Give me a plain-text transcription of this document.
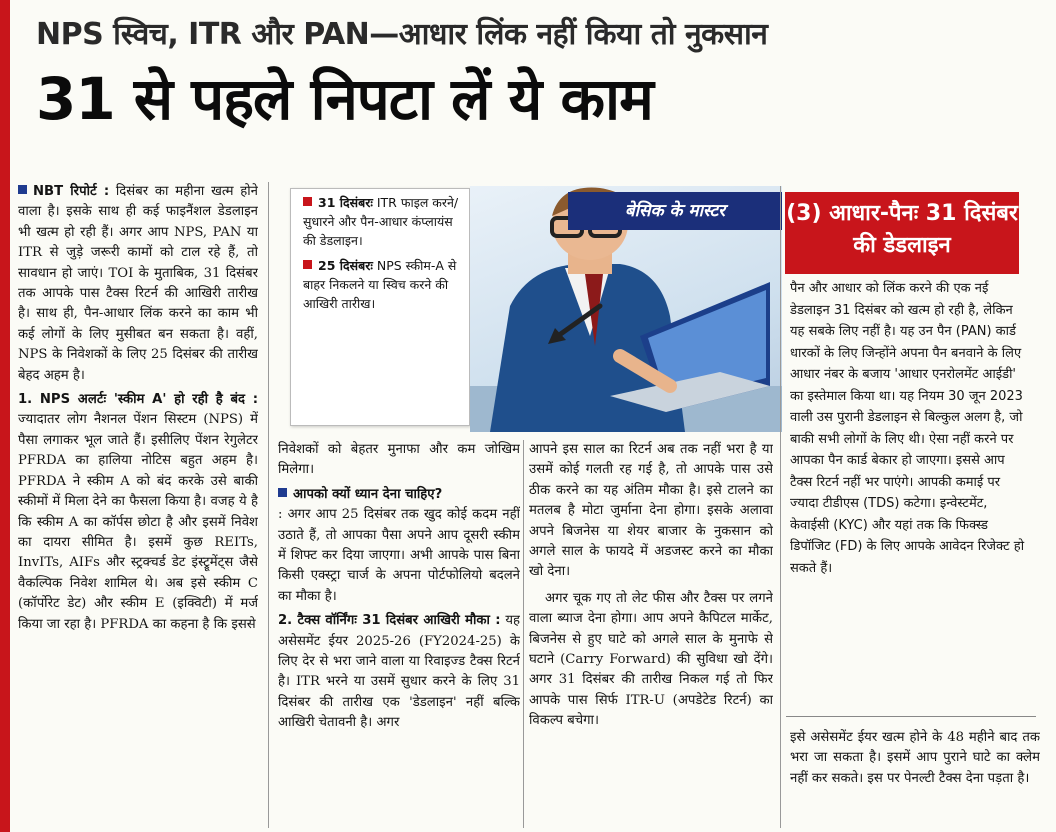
NPS स्विच, ITR और PAN—आधार लिंक नहीं किया तो नुकसान
31 से पहले निपटा लें ये काम

NBT रिपोर्ट : दिसंबर का महीना खत्म होने वाला है। इसके साथ ही कई फाइनैंशल डेडलाइन भी खत्म हो रही हैं। अगर आप NPS, PAN या ITR से जुड़े जरूरी कामों को टाल रहे हैं, तो सावधान हो जाएं। TOI के मुताबिक, 31 दिसंबर तक आपके पास टैक्स रिटर्न की आखिरी तारीख है। साथ ही, पैन-आधार लिंक करने का काम भी कई लोगों के लिए मुसीबत बन सकता है। वहीं, NPS के निवेशकों के लिए 25 दिसंबर की तारीख बेहद अहम है।

1. NPS अलर्टः 'स्कीम A' हो रही है बंद : ज्यादातर लोग नैशनल पेंशन सिस्टम (NPS) में पैसा लगाकर भूल जाते हैं। इसीलिए पेंशन रेगुलेटर PFRDA का हालिया नोटिस बहुत अहम है। PFRDA ने स्कीम A को बंद करके उसे बाकी स्कीमों में मिला देने का फैसला किया है। वजह ये है कि स्कीम A का कॉर्पस छोटा है और इसमें निवेश का दायरा सीमित है। इसमें कुछ REITs, InvITs, AIFs और स्ट्रक्चर्ड डेट इंस्ट्रूमेंट्स जैसे वैकल्पिक निवेश शामिल थे। अब इसे स्कीम C (कॉर्पोरेट डेट) और स्कीम E (इक्विटी) में मर्ज किया जा रहा है। PFRDA का कहना है कि इससे

31 दिसंबरः ITR फाइल करने/सुधारने और पैन-आधार कंप्लायंस की डेडलाइन।
25 दिसंबरः NPS स्कीम-A से बाहर निकलने या स्विच करने की आखिरी तारीख।
बेसिक के मास्टर

निवेशकों को बेहतर मुनाफा और कम जोखिम मिलेगा।

आपको क्यों ध्यान देना चाहिए?

: अगर आप 25 दिसंबर तक खुद कोई कदम नहीं उठाते हैं, तो आपका पैसा अपने आप दूसरी स्कीम में शिफ्ट कर दिया जाएगा। अभी आपके पास बिना किसी एक्स्ट्रा चार्ज के अपना पोर्टफोलियो बदलने का मौका है।

2. टैक्स वॉर्निंगः 31 दिसंबर आखिरी मौका : यह असेसमेंट ईयर 2025-26 (FY2024-25) के लिए देर से भरा जाने वाला या रिवाइज्ड टैक्स रिटर्न है। ITR भरने या उसमें सुधार करने के लिए 31 दिसंबर की तारीख एक 'डेडलाइन' नहीं बल्कि आखिरी चेतावनी है। अगर

आपने इस साल का रिटर्न अब तक नहीं भरा है या उसमें कोई गलती रह गई है, तो आपके पास उसे ठीक करने का यह अंतिम मौका है। इसे टालने का मतलब है मोटा जुर्माना देना होगा। इसके अलावा अपने बिजनेस या शेयर बाजार के नुकसान को अगले साल के फायदे में अडजस्ट करने का मौका खो देना।

अगर चूक गए तो लेट फीस और टैक्स पर लगने वाला ब्याज देना होगा। आप अपने कैपिटल मार्केट, बिजनेस से हुए घाटे को अगले साल के मुनाफे से घटाने (Carry Forward) की सुविधा खो देंगे। अगर 31 दिसंबर की तारीख निकल गई तो फिर आपके पास सिर्फ ITR-U (अपडेटेड रिटर्न) का विकल्प बचेगा।

(3) आधार-पैनः 31 दिसंबर की डेडलाइन

पैन और आधार को लिंक करने की एक नई डेडलाइन 31 दिसंबर को खत्म हो रही है, लेकिन यह सबके लिए नहीं है। यह उन पैन (PAN) कार्ड धारकों के लिए जिन्होंने अपना पैन बनवाने के लिए आधार नंबर के बजाय 'आधार एनरोलमेंट आईडी' का इस्तेमाल किया था। यह नियम 30 जून 2023 वाली उस पुरानी डेडलाइन से बिल्कुल अलग है, जो बाकी सभी लोगों के लिए थी। ऐसा नहीं करने पर आपका पैन कार्ड बेकार हो जाएगा। इससे आप टैक्स रिटर्न नहीं भर पाएंगे। आपकी कमाई पर ज्यादा टीडीएस (TDS) कटेगा। इन्वेस्टमेंट, केवाईसी (KYC) और यहां तक कि फिक्स्ड डिपॉजिट (FD) के लिए आपके आवेदन रिजेक्ट हो सकते हैं।

इसे असेसमेंट ईयर खत्म होने के 48 महीने बाद तक भरा जा सकता है। इसमें आप पुराने घाटे का क्लेम नहीं कर सकते। इस पर पेनल्टी टैक्स देना पड़ता है।
